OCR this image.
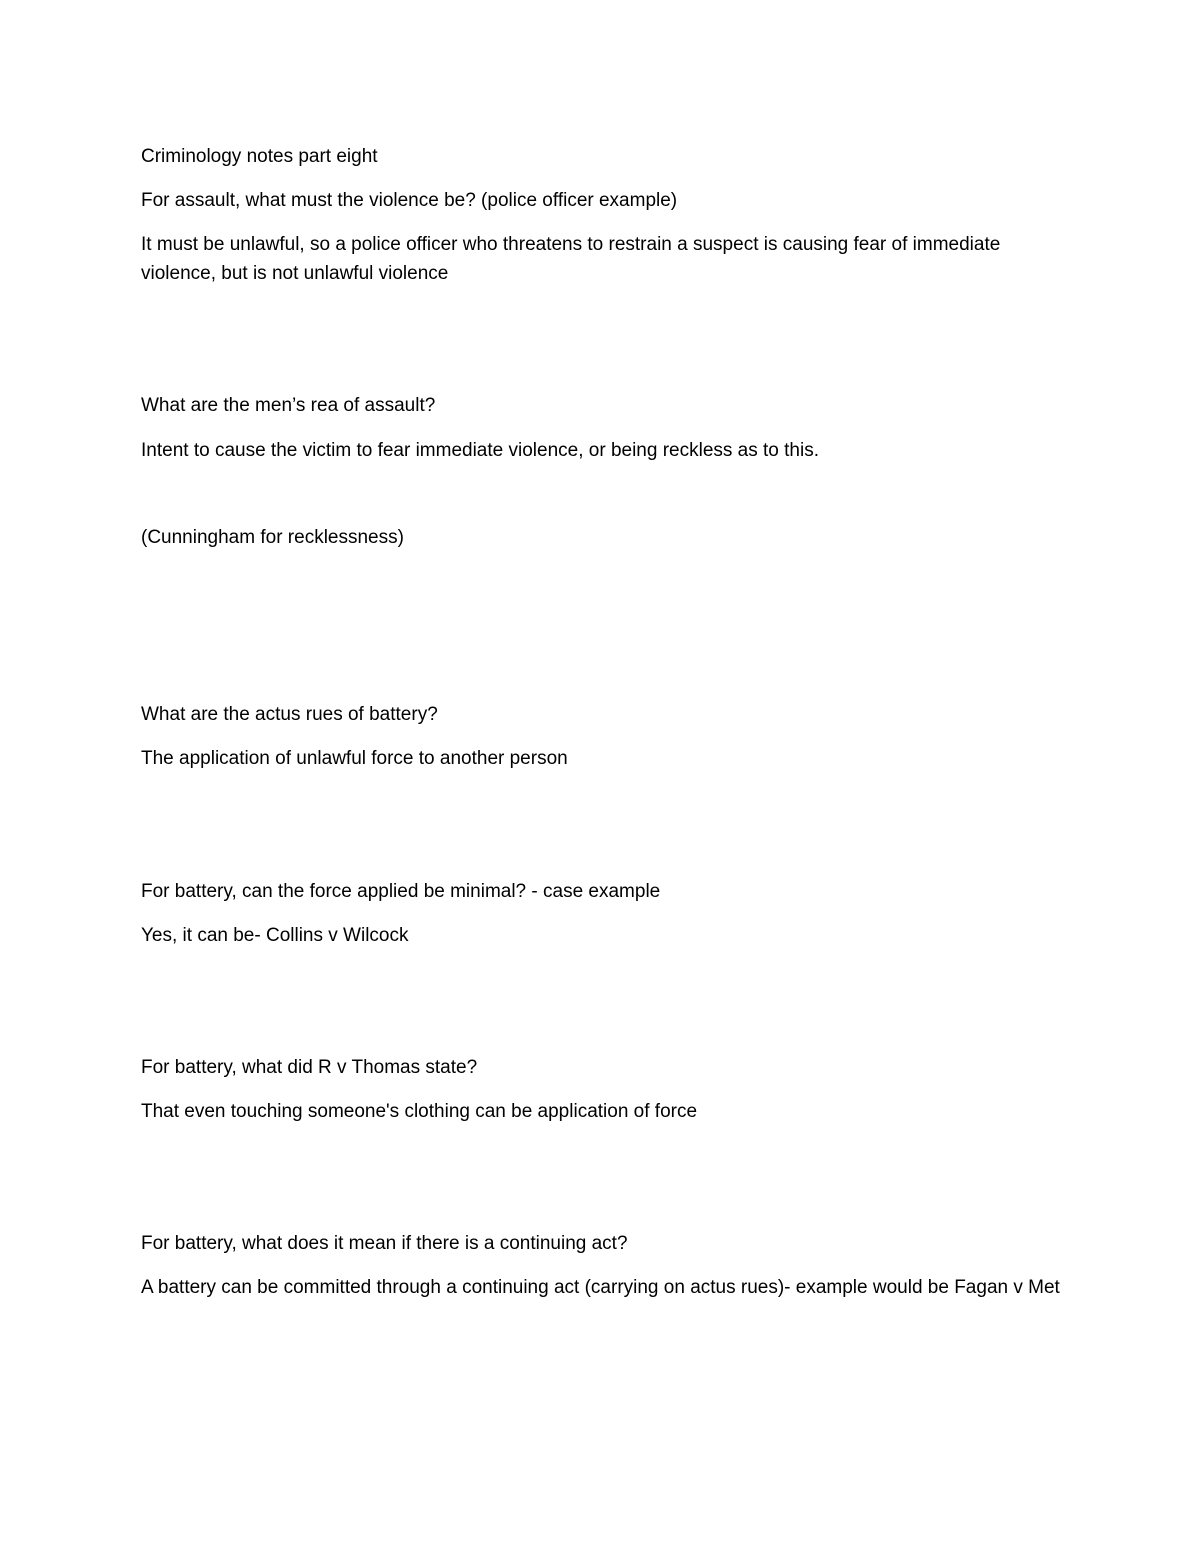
Criminology notes part eight
For assault, what must the violence be? (police officer example)
It must be unlawful, so a police officer who threatens to restrain a suspect is causing fear of immediate violence, but is not unlawful violence
What are the men’s rea of assault?
Intent to cause the victim to fear immediate violence, or being reckless as to this.
(Cunningham for recklessness)
What are the actus rues of battery?
The application of unlawful force to another person
For battery, can the force applied be minimal? - case example
Yes, it can be- Collins v Wilcock
For battery, what did R v Thomas state?
That even touching someone's clothing can be application of force
For battery, what does it mean if there is a continuing act?
A battery can be committed through a continuing act (carrying on actus rues)- example would be Fagan v Met
